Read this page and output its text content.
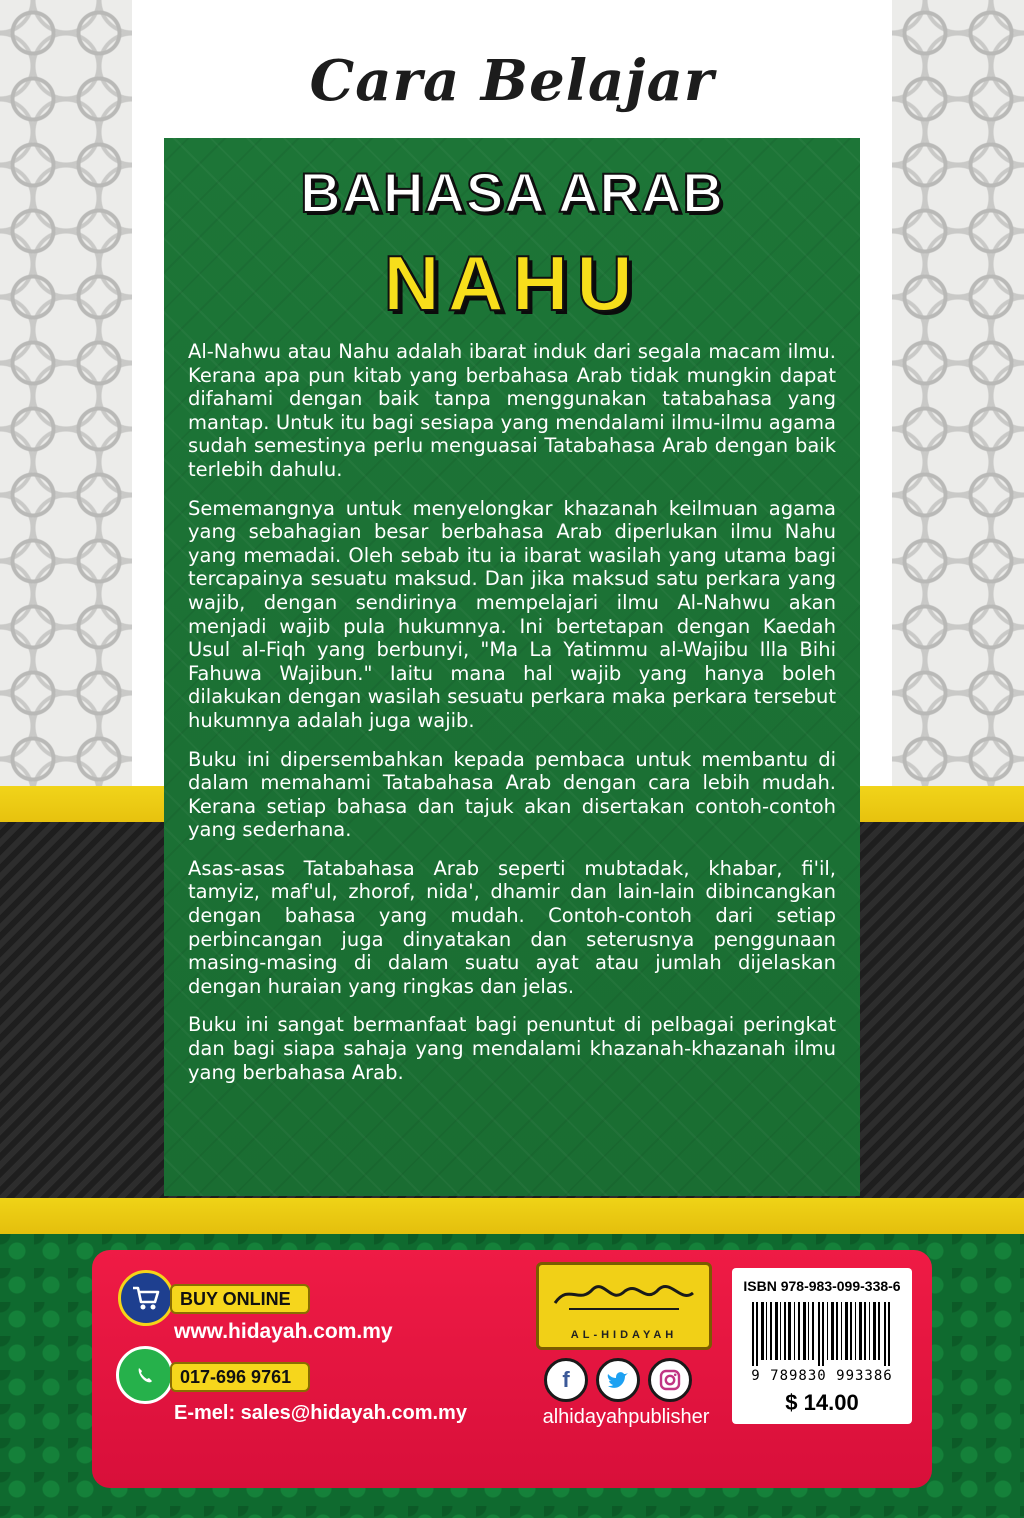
Cara Belajar
BAHASA ARAB
NAHU

Al-Nahwu atau Nahu adalah ibarat induk dari segala macam ilmu. Kerana apa pun kitab yang berbahasa Arab tidak mungkin dapat difahami dengan baik tanpa menggunakan tatabahasa yang mantap. Untuk itu bagi sesiapa yang mendalami ilmu-ilmu agama sudah semestinya perlu menguasai Tatabahasa Arab dengan baik terlebih dahulu.

Sememangnya untuk menyelongkar khazanah keilmuan agama yang sebahagian besar berbahasa Arab diperlukan ilmu Nahu yang memadai. Oleh sebab itu ia ibarat wasilah yang utama bagi tercapainya sesuatu maksud. Dan jika maksud satu perkara yang wajib, dengan sendirinya mempelajari ilmu Al-Nahwu akan menjadi wajib pula hukumnya. Ini bertetapan dengan Kaedah Usul al-Fiqh yang berbunyi, "Ma La Yatimmu al-Wajibu Illa Bihi Fahuwa Wajibun." Iaitu mana hal wajib yang hanya boleh dilakukan dengan wasilah sesuatu perkara maka perkara tersebut hukumnya adalah juga wajib.

Buku ini dipersembahkan kepada pembaca untuk membantu di dalam memahami Tatabahasa Arab dengan cara lebih mudah. Kerana setiap bahasa dan tajuk akan disertakan contoh-contoh yang sederhana.

Asas-asas Tatabahasa Arab seperti mubtadak, khabar, fi'il, tamyiz, maf'ul, zhorof, nida', dhamir dan lain-lain dibincangkan dengan bahasa yang mudah. Contoh-contoh dari setiap perbincangan juga dinyatakan dan seterusnya penggunaan masing-masing di dalam suatu ayat atau jumlah dijelaskan dengan huraian yang ringkas dan jelas.

Buku ini sangat bermanfaat bagi penuntut di pelbagai peringkat dan bagi siapa sahaja yang mendalami khazanah-khazanah ilmu yang berbahasa Arab.

BUY ONLINE

www.hidayah.com.my

017-696 9761

E-mel: sales@hidayah.com.my

AL-HIDAYAH
f

alhidayahpublisher

ISBN 978-983-099-338-6

9 789830 993386

$ 14.00
